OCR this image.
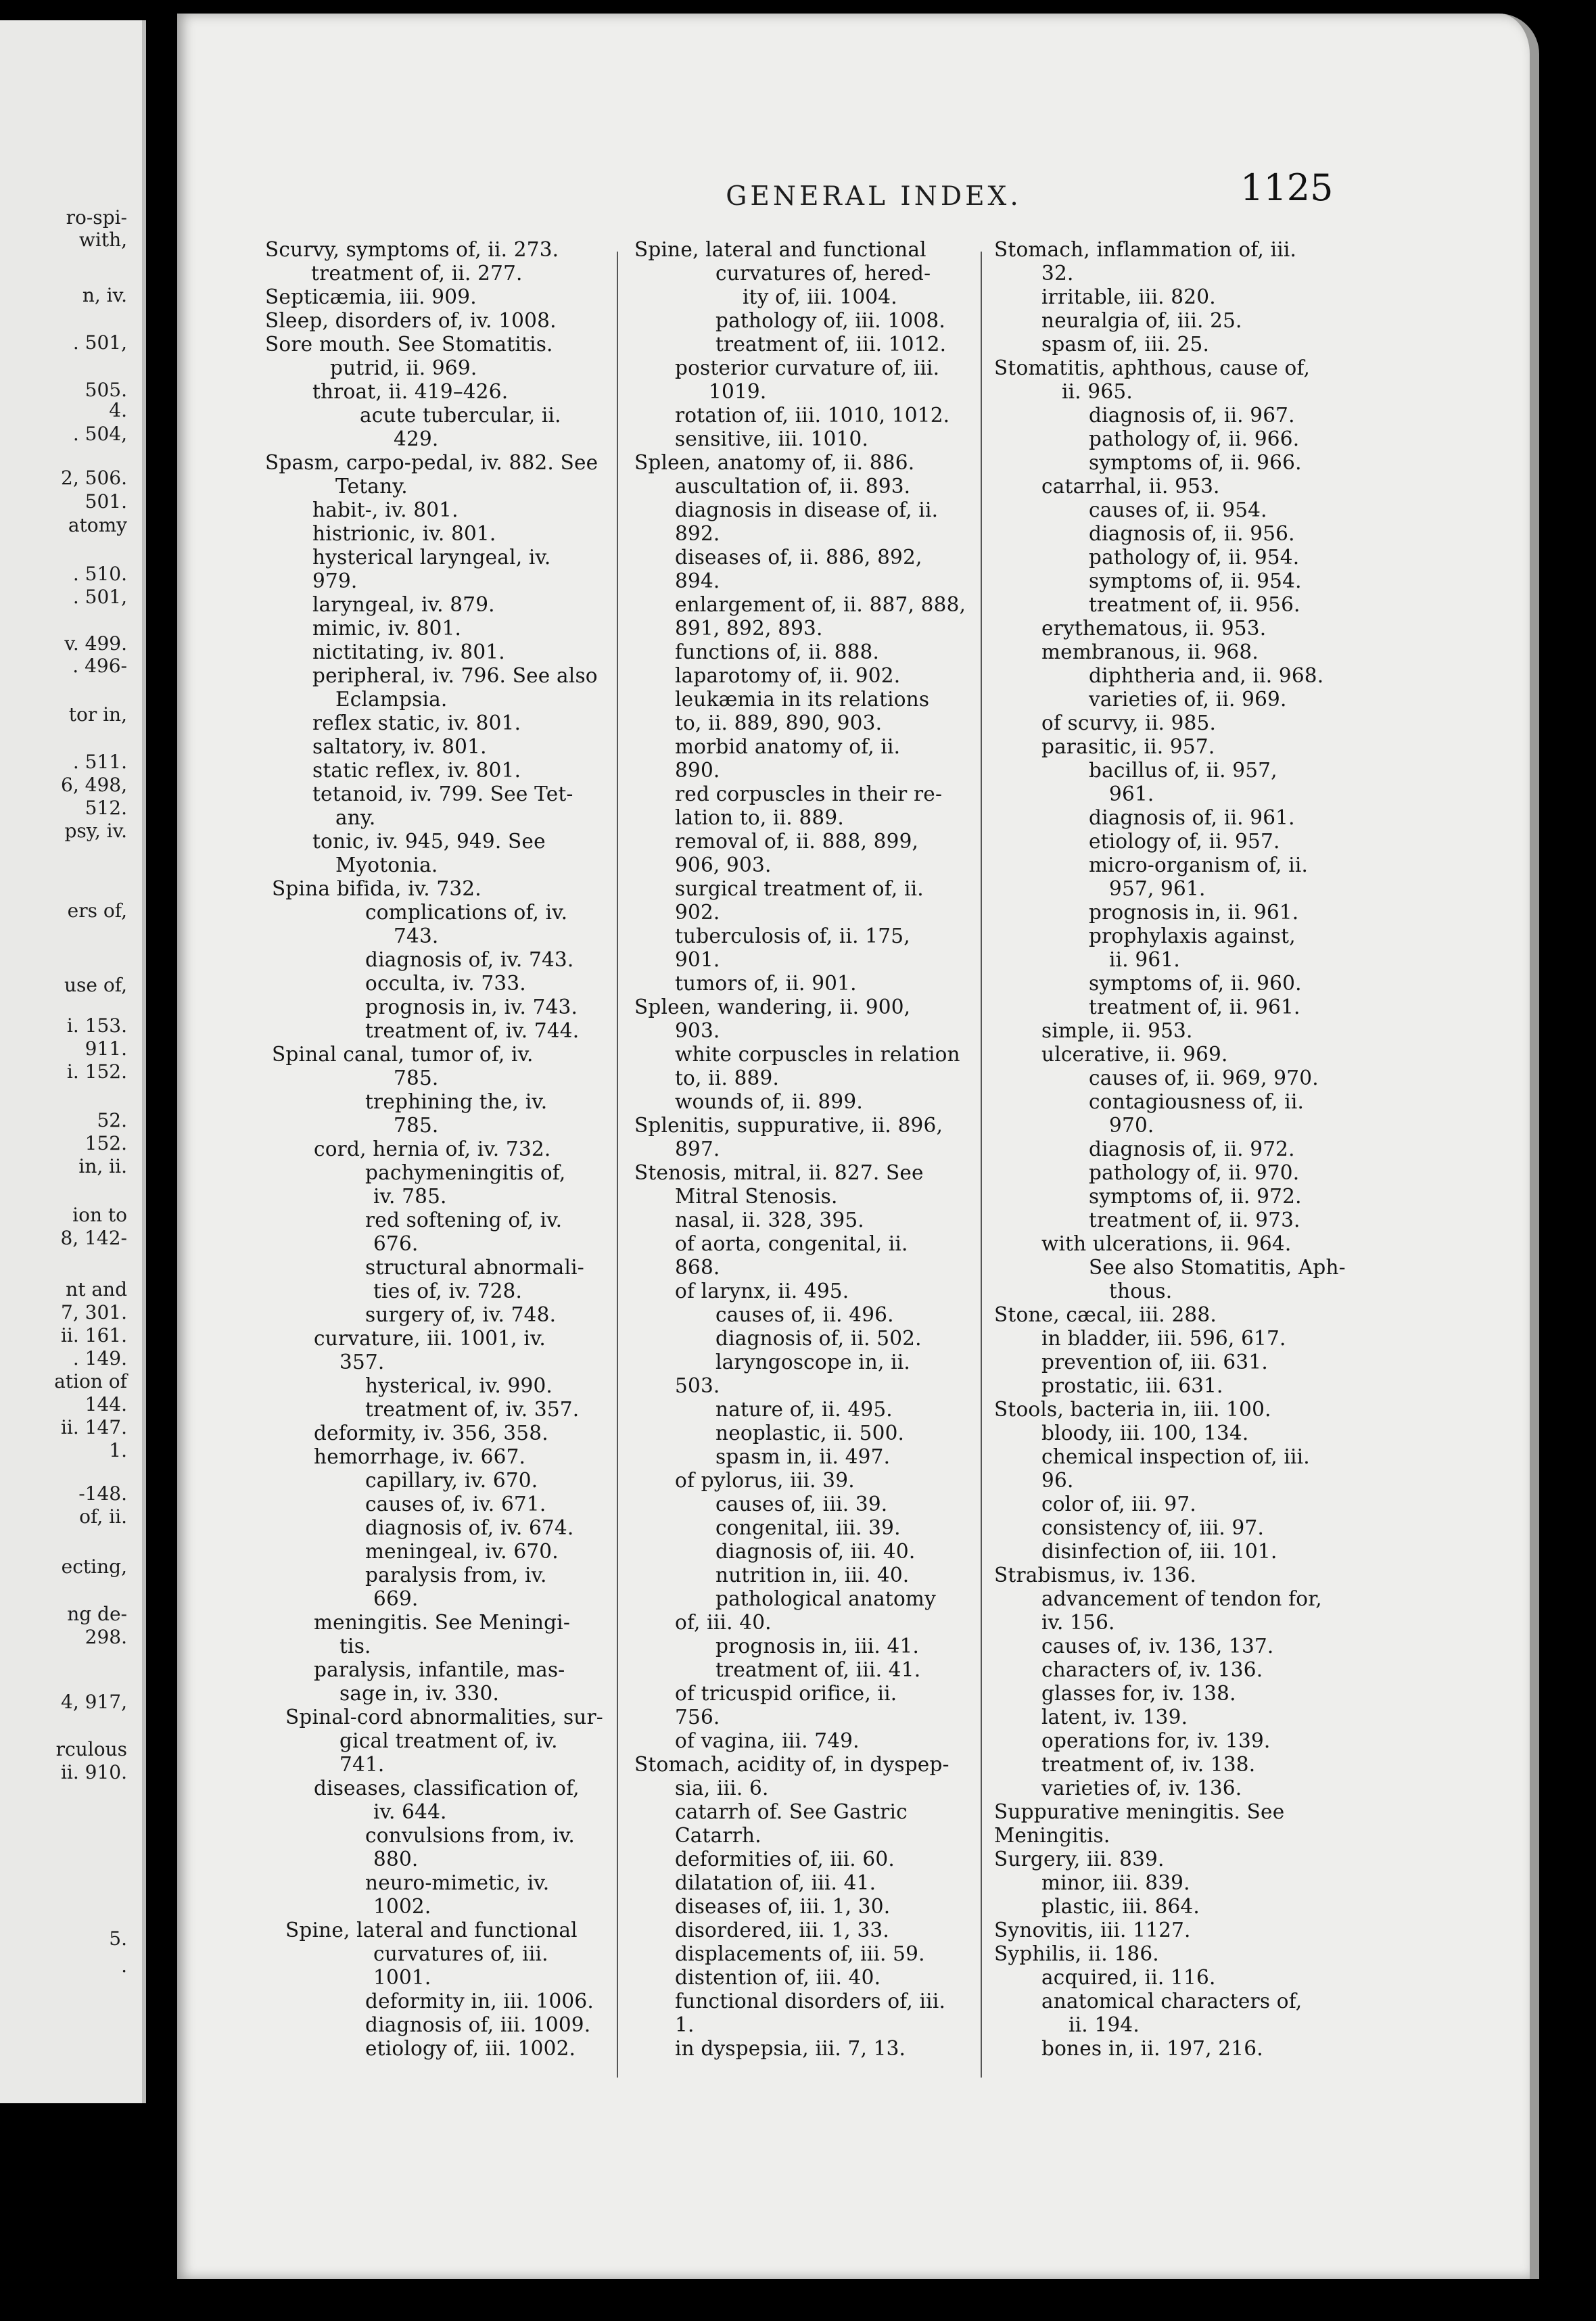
ro-spi-
with,
n, iv.
. 501,
505.
4.
. 504,
2, 506.
501.
atomy
. 510.
. 501,
v. 499.
. 496-
tor in,
. 511.
6, 498,
512.
psy, iv.
ers of,
use of,
i. 153.
911.
i. 152.
52.
152.
in, ii.
ion to
8, 142-
nt and
7, 301.
ii. 161.
. 149.
ation of
144.
ii. 147.
1.
-148.
of, ii.
ecting,
ng de-
298.
4, 917,
rculous
ii. 910.
5.
.
GENERAL INDEX.	1125
Scurvy, symptoms of, ii. 273.
treatment of, ii. 277.
Septicæmia, iii. 909.
Sleep, disorders of, iv. 1008.
Sore mouth. See Stomatitis.
putrid, ii. 969.
throat, ii. 419–426.
acute tubercular, ii.
429.
Spasm, carpo-pedal, iv. 882. See
Tetany.
habit-, iv. 801.
histrionic, iv. 801.
hysterical laryngeal, iv.
979.
laryngeal, iv. 879.
mimic, iv. 801.
nictitating, iv. 801.
peripheral, iv. 796. See also
Eclampsia.
reflex static, iv. 801.
saltatory, iv. 801.
static reflex, iv. 801.
tetanoid, iv. 799. See Tet-
any.
tonic, iv. 945, 949. See
Myotonia.
Spina bifida, iv. 732.
complications of, iv.
743.
diagnosis of, iv. 743.
occulta, iv. 733.
prognosis in, iv. 743.
treatment of, iv. 744.
Spinal canal, tumor of, iv.
785.
trephining the, iv.
785.
cord, hernia of, iv. 732.
pachymeningitis of,
iv. 785.
red softening of, iv.
676.
structural abnormali-
ties of, iv. 728.
surgery of, iv. 748.
curvature, iii. 1001, iv.
357.
hysterical, iv. 990.
treatment of, iv. 357.
deformity, iv. 356, 358.
hemorrhage, iv. 667.
capillary, iv. 670.
causes of, iv. 671.
diagnosis of, iv. 674.
meningeal, iv. 670.
paralysis from, iv.
669.
meningitis. See Meningi-
tis.
paralysis, infantile, mas-
sage in, iv. 330.
Spinal-cord abnormalities, sur-
gical treatment of, iv.
741.
diseases, classification of,
iv. 644.
convulsions from, iv.
880.
neuro-mimetic, iv.
1002.
Spine, lateral and functional
curvatures of, iii.
1001.
deformity in, iii. 1006.
diagnosis of, iii. 1009.
etiology of, iii. 1002.
Spine, lateral and functional
curvatures of, hered-
ity of, iii. 1004.
pathology of, iii. 1008.
treatment of, iii. 1012.
posterior curvature of, iii.
1019.
rotation of, iii. 1010, 1012.
sensitive, iii. 1010.
Spleen, anatomy of, ii. 886.
auscultation of, ii. 893.
diagnosis in disease of, ii.
892.
diseases of, ii. 886, 892,
894.
enlargement of, ii. 887, 888,
891, 892, 893.
functions of, ii. 888.
laparotomy of, ii. 902.
leukæmia in its relations
to, ii. 889, 890, 903.
morbid anatomy of, ii.
890.
red corpuscles in their re-
lation to, ii. 889.
removal of, ii. 888, 899,
906, 903.
surgical treatment of, ii.
902.
tuberculosis of, ii. 175,
901.
tumors of, ii. 901.
Spleen, wandering, ii. 900,
903.
white corpuscles in relation
to, ii. 889.
wounds of, ii. 899.
Splenitis, suppurative, ii. 896,
897.
Stenosis, mitral, ii. 827. See
Mitral Stenosis.
nasal, ii. 328, 395.
of aorta, congenital, ii.
868.
of larynx, ii. 495.
causes of, ii. 496.
diagnosis of, ii. 502.
laryngoscope in, ii.
503.
nature of, ii. 495.
neoplastic, ii. 500.
spasm in, ii. 497.
of pylorus, iii. 39.
causes of, iii. 39.
congenital, iii. 39.
diagnosis of, iii. 40.
nutrition in, iii. 40.
pathological anatomy
of, iii. 40.
prognosis in, iii. 41.
treatment of, iii. 41.
of tricuspid orifice, ii.
756.
of vagina, iii. 749.
Stomach, acidity of, in dyspep-
sia, iii. 6.
catarrh of. See Gastric
Catarrh.
deformities of, iii. 60.
dilatation of, iii. 41.
diseases of, iii. 1, 30.
disordered, iii. 1, 33.
displacements of, iii. 59.
distention of, iii. 40.
functional disorders of, iii.
1.
in dyspepsia, iii. 7, 13.
Stomach, inflammation of, iii.
32.
irritable, iii. 820.
neuralgia of, iii. 25.
spasm of, iii. 25.
Stomatitis, aphthous, cause of,
ii. 965.
diagnosis of, ii. 967.
pathology of, ii. 966.
symptoms of, ii. 966.
catarrhal, ii. 953.
causes of, ii. 954.
diagnosis of, ii. 956.
pathology of, ii. 954.
symptoms of, ii. 954.
treatment of, ii. 956.
erythematous, ii. 953.
membranous, ii. 968.
diphtheria and, ii. 968.
varieties of, ii. 969.
of scurvy, ii. 985.
parasitic, ii. 957.
bacillus of, ii. 957,
961.
diagnosis of, ii. 961.
etiology of, ii. 957.
micro-organism of, ii.
957, 961.
prognosis in, ii. 961.
prophylaxis against,
ii. 961.
symptoms of, ii. 960.
treatment of, ii. 961.
simple, ii. 953.
ulcerative, ii. 969.
causes of, ii. 969, 970.
contagiousness of, ii.
970.
diagnosis of, ii. 972.
pathology of, ii. 970.
symptoms of, ii. 972.
treatment of, ii. 973.
with ulcerations, ii. 964.
See also Stomatitis, Aph-
thous.
Stone, cæcal, iii. 288.
in bladder, iii. 596, 617.
prevention of, iii. 631.
prostatic, iii. 631.
Stools, bacteria in, iii. 100.
bloody, iii. 100, 134.
chemical inspection of, iii.
96.
color of, iii. 97.
consistency of, iii. 97.
disinfection of, iii. 101.
Strabismus, iv. 136.
advancement of tendon for,
iv. 156.
causes of, iv. 136, 137.
characters of, iv. 136.
glasses for, iv. 138.
latent, iv. 139.
operations for, iv. 139.
treatment of, iv. 138.
varieties of, iv. 136.
Suppurative meningitis. See
Meningitis.
Surgery, iii. 839.
minor, iii. 839.
plastic, iii. 864.
Synovitis, iii. 1127.
Syphilis, ii. 186.
acquired, ii. 116.
anatomical characters of,
ii. 194.
bones in, ii. 197, 216.
